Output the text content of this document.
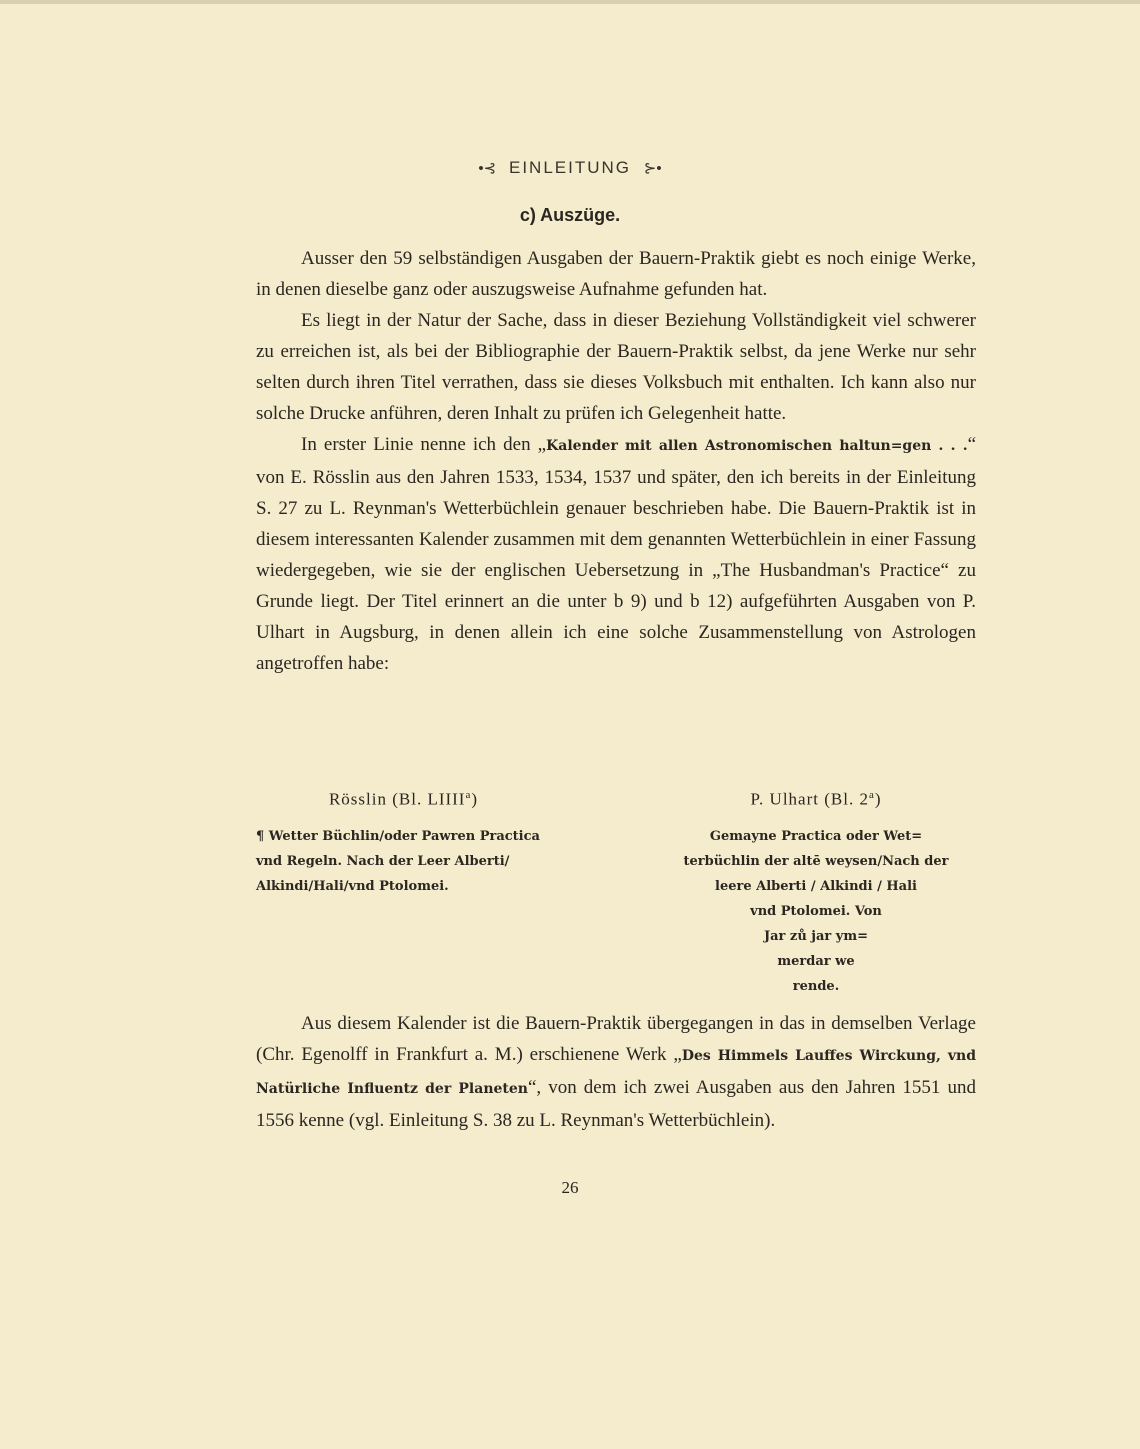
•⊰ EINLEITUNG ⊱•
c) Auszüge.

Ausser den 59 selbständigen Ausgaben der Bauern-Praktik giebt es noch einige Werke, in denen dieselbe ganz oder auszugsweise Aufnahme gefunden hat.

Es liegt in der Natur der Sache, dass in dieser Beziehung Vollständigkeit viel schwerer zu erreichen ist, als bei der Bibliographie der Bauern-Praktik selbst, da jene Werke nur sehr selten durch ihren Titel verrathen, dass sie dieses Volksbuch mit enthalten. Ich kann also nur solche Drucke anführen, deren Inhalt zu prüfen ich Gelegenheit hatte.

In erster Linie nenne ich den „Kalender mit allen Astronomischen haltun=gen . . .“ von E. Rösslin aus den Jahren 1533, 1534, 1537 und später, den ich bereits in der Einleitung S. 27 zu L. Reynman's Wetterbüchlein genauer beschrieben habe. Die Bauern-Praktik ist in diesem interessanten Kalender zusammen mit dem genannten Wetterbüchlein in einer Fassung wiedergegeben, wie sie der englischen Uebersetzung in „The Husbandman's Practice“ zu Grunde liegt. Der Titel erinnert an die unter b 9) und b 12) aufgeführten Ausgaben von P. Ulhart in Augsburg, in denen allein ich eine solche Zusammenstellung von Astrologen angetroffen habe:

Rösslin (Bl. LIIII$^a$)

¶ Wetter Büchlin/oder Pawren Practica
vnd Regeln. Nach der Leer Alberti/
Alkindi/Hali/vnd Ptolomei.

P. Ulhart (Bl. 2$^a$)

Gemayne Practica oder Wet=
terbüchlin der altē weysen/Nach der
leere Alberti / Alkindi / Hali
vnd Ptolomei. Von
Jar zů jar ym=
merdar we
rende.

Aus diesem Kalender ist die Bauern-Praktik übergegangen in das in demselben Verlage (Chr. Egenolff in Frankfurt a. M.) erschienene Werk „Des Himmels Lauffes Wirckung, vnd Natürliche Influentz der Planeten“, von dem ich zwei Ausgaben aus den Jahren 1551 und 1556 kenne (vgl. Einleitung S. 38 zu L. Reynman's Wetterbüchlein).

26
